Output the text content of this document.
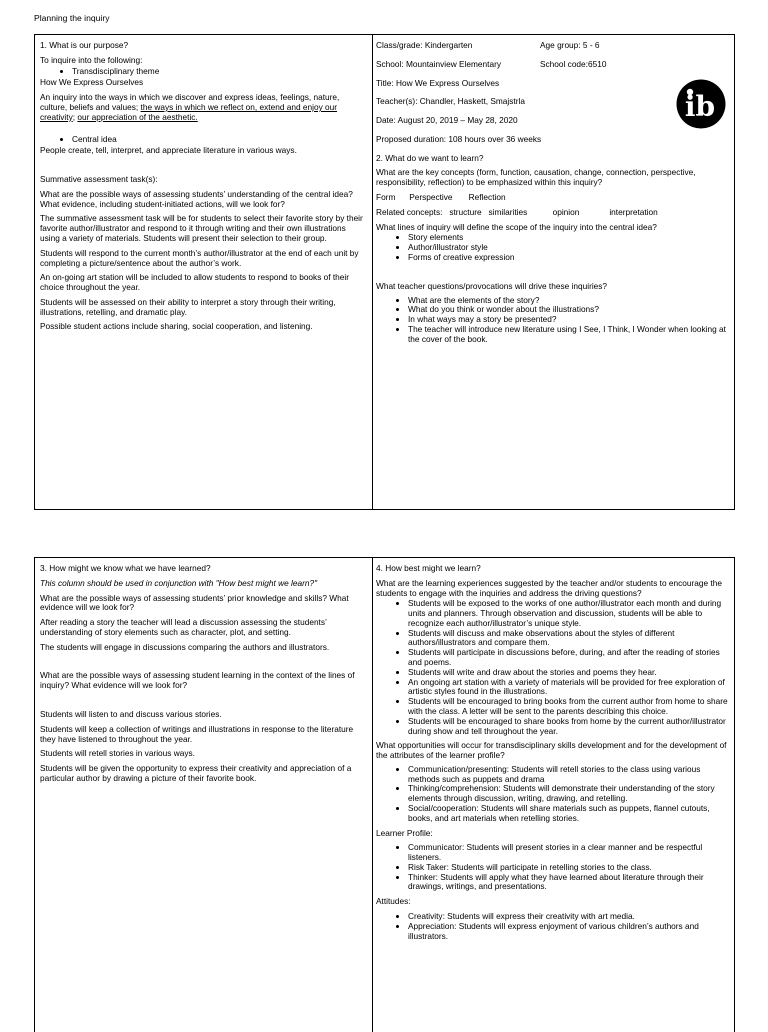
Planning the inquiry

1. What is our purpose?

To inquire into the following:

• Transdisciplinary theme

How We Express Ourselves

An inquiry into the ways in which we discover and express ideas, feelings, nature, culture, beliefs and values; the ways in which we reflect on, extend and enjoy our creativity; our appreciation of the aesthetic.

• Central idea

People create, tell, interpret, and appreciate literature in various ways.

Summative assessment task(s):

What are the possible ways of assessing students’ understanding of the central idea? What evidence, including student-initiated actions, will we look for?

The summative assessment task will be for students to select their favorite story by their favorite author/illustrator and respond to it through writing and their own illustrations using a variety of materials. Students will present their selection to their group.

Students will respond to the current month’s author/illustrator at the end of each unit by completing a picture/sentence about the author’s work.

An on-going art station will be included to allow students to respond to books of their choice throughout the year.

Students will be assessed on their ability to interpret a story through their writing, illustrations, retelling, and dramatic play.

Possible student actions include sharing, social cooperation, and listening.

Class/grade: Kindergarten	Age group: 5 - 6
School: Mountainview Elementary	School code:6510

Title: How We Express Ourselves

Teacher(s): Chandler, Haskett, Smajstrla

Date: August 20, 2019 – May 28, 2020

Proposed duration: 108 hours over 36 weeks

ib

2. What do we want to learn?

What are the key concepts (form, function, causation, change, connection, perspective, responsibility, reflection) to be emphasized within this inquiry?

Form      Perspective       Reflection

Related concepts:   structure   similarities           opinion             interpretation

What lines of inquiry will define the scope of the inquiry into the central idea?

• Story elements
• Author/illustrator style
• Forms of creative expression

What teacher questions/provocations will drive these inquiries?

• What are the elements of the story?
• What do you think or wonder about the illustrations?
• In what ways may a story be presented?
• The teacher will introduce new literature using I See, I Think, I Wonder when looking at the cover of the book.

3. How might we know what we have learned?

This column should be used in conjunction with "How best might we learn?"

What are the possible ways of assessing students’ prior knowledge and skills? What evidence will we look for?

After reading a story the teacher will lead a discussion assessing the students’ understanding of story elements such as character, plot, and setting.

The students will engage in discussions comparing the authors and illustrators.

What are the possible ways of assessing student learning in the context of the lines of inquiry? What evidence will we look for?

Students will listen to and discuss various stories.

Students will keep a collection of writings and illustrations in response to the literature they have listened to throughout the year.

Students will retell stories in various ways.

Students will be given the opportunity to express their creativity and appreciation of a particular author by drawing a picture of their favorite book.

4. How best might we learn?

What are the learning experiences suggested by the teacher and/or students to encourage the students to engage with the inquiries and address the driving questions?

• Students will be exposed to the works of one author/illustrator each month and during units and planners. Through observation and discussion, students will be able to recognize each author/illustrator’s unique style.
• Students will discuss and make observations about the styles of different authors/illustrators and compare them.
• Students will participate in discussions before, during, and after the reading of stories and poems.
• Students will write and draw about the stories and poems they hear.
• An ongoing art station with a variety of materials will be provided for free exploration of artistic styles found in the illustrations.
• Students will be encouraged to bring books from the current author from home to share with the class. A letter will be sent to the parents describing this choice.
• Students will be encouraged to share books from home by the current author/illustrator during show and tell throughout the year.

What opportunities will occur for transdisciplinary skills development and for the development of the attributes of the learner profile?

• Communication/presenting: Students will retell stories to the class using various methods such as puppets and drama
• Thinking/comprehension: Students will demonstrate their understanding of the story elements through discussion, writing, drawing, and retelling.
• Social/cooperation: Students will share materials such as puppets, flannel cutouts, books, and art materials when retelling stories.

Learner Profile:

• Communicator: Students will present stories in a clear manner and be respectful listeners.
• Risk Taker: Students will participate in retelling stories to the class.
• Thinker: Students will apply what they have learned about literature through their drawings, writings, and presentations.

Attitudes:

• Creativity: Students will express their creativity with art media.
• Appreciation: Students will express enjoyment of various children’s authors and illustrators.
